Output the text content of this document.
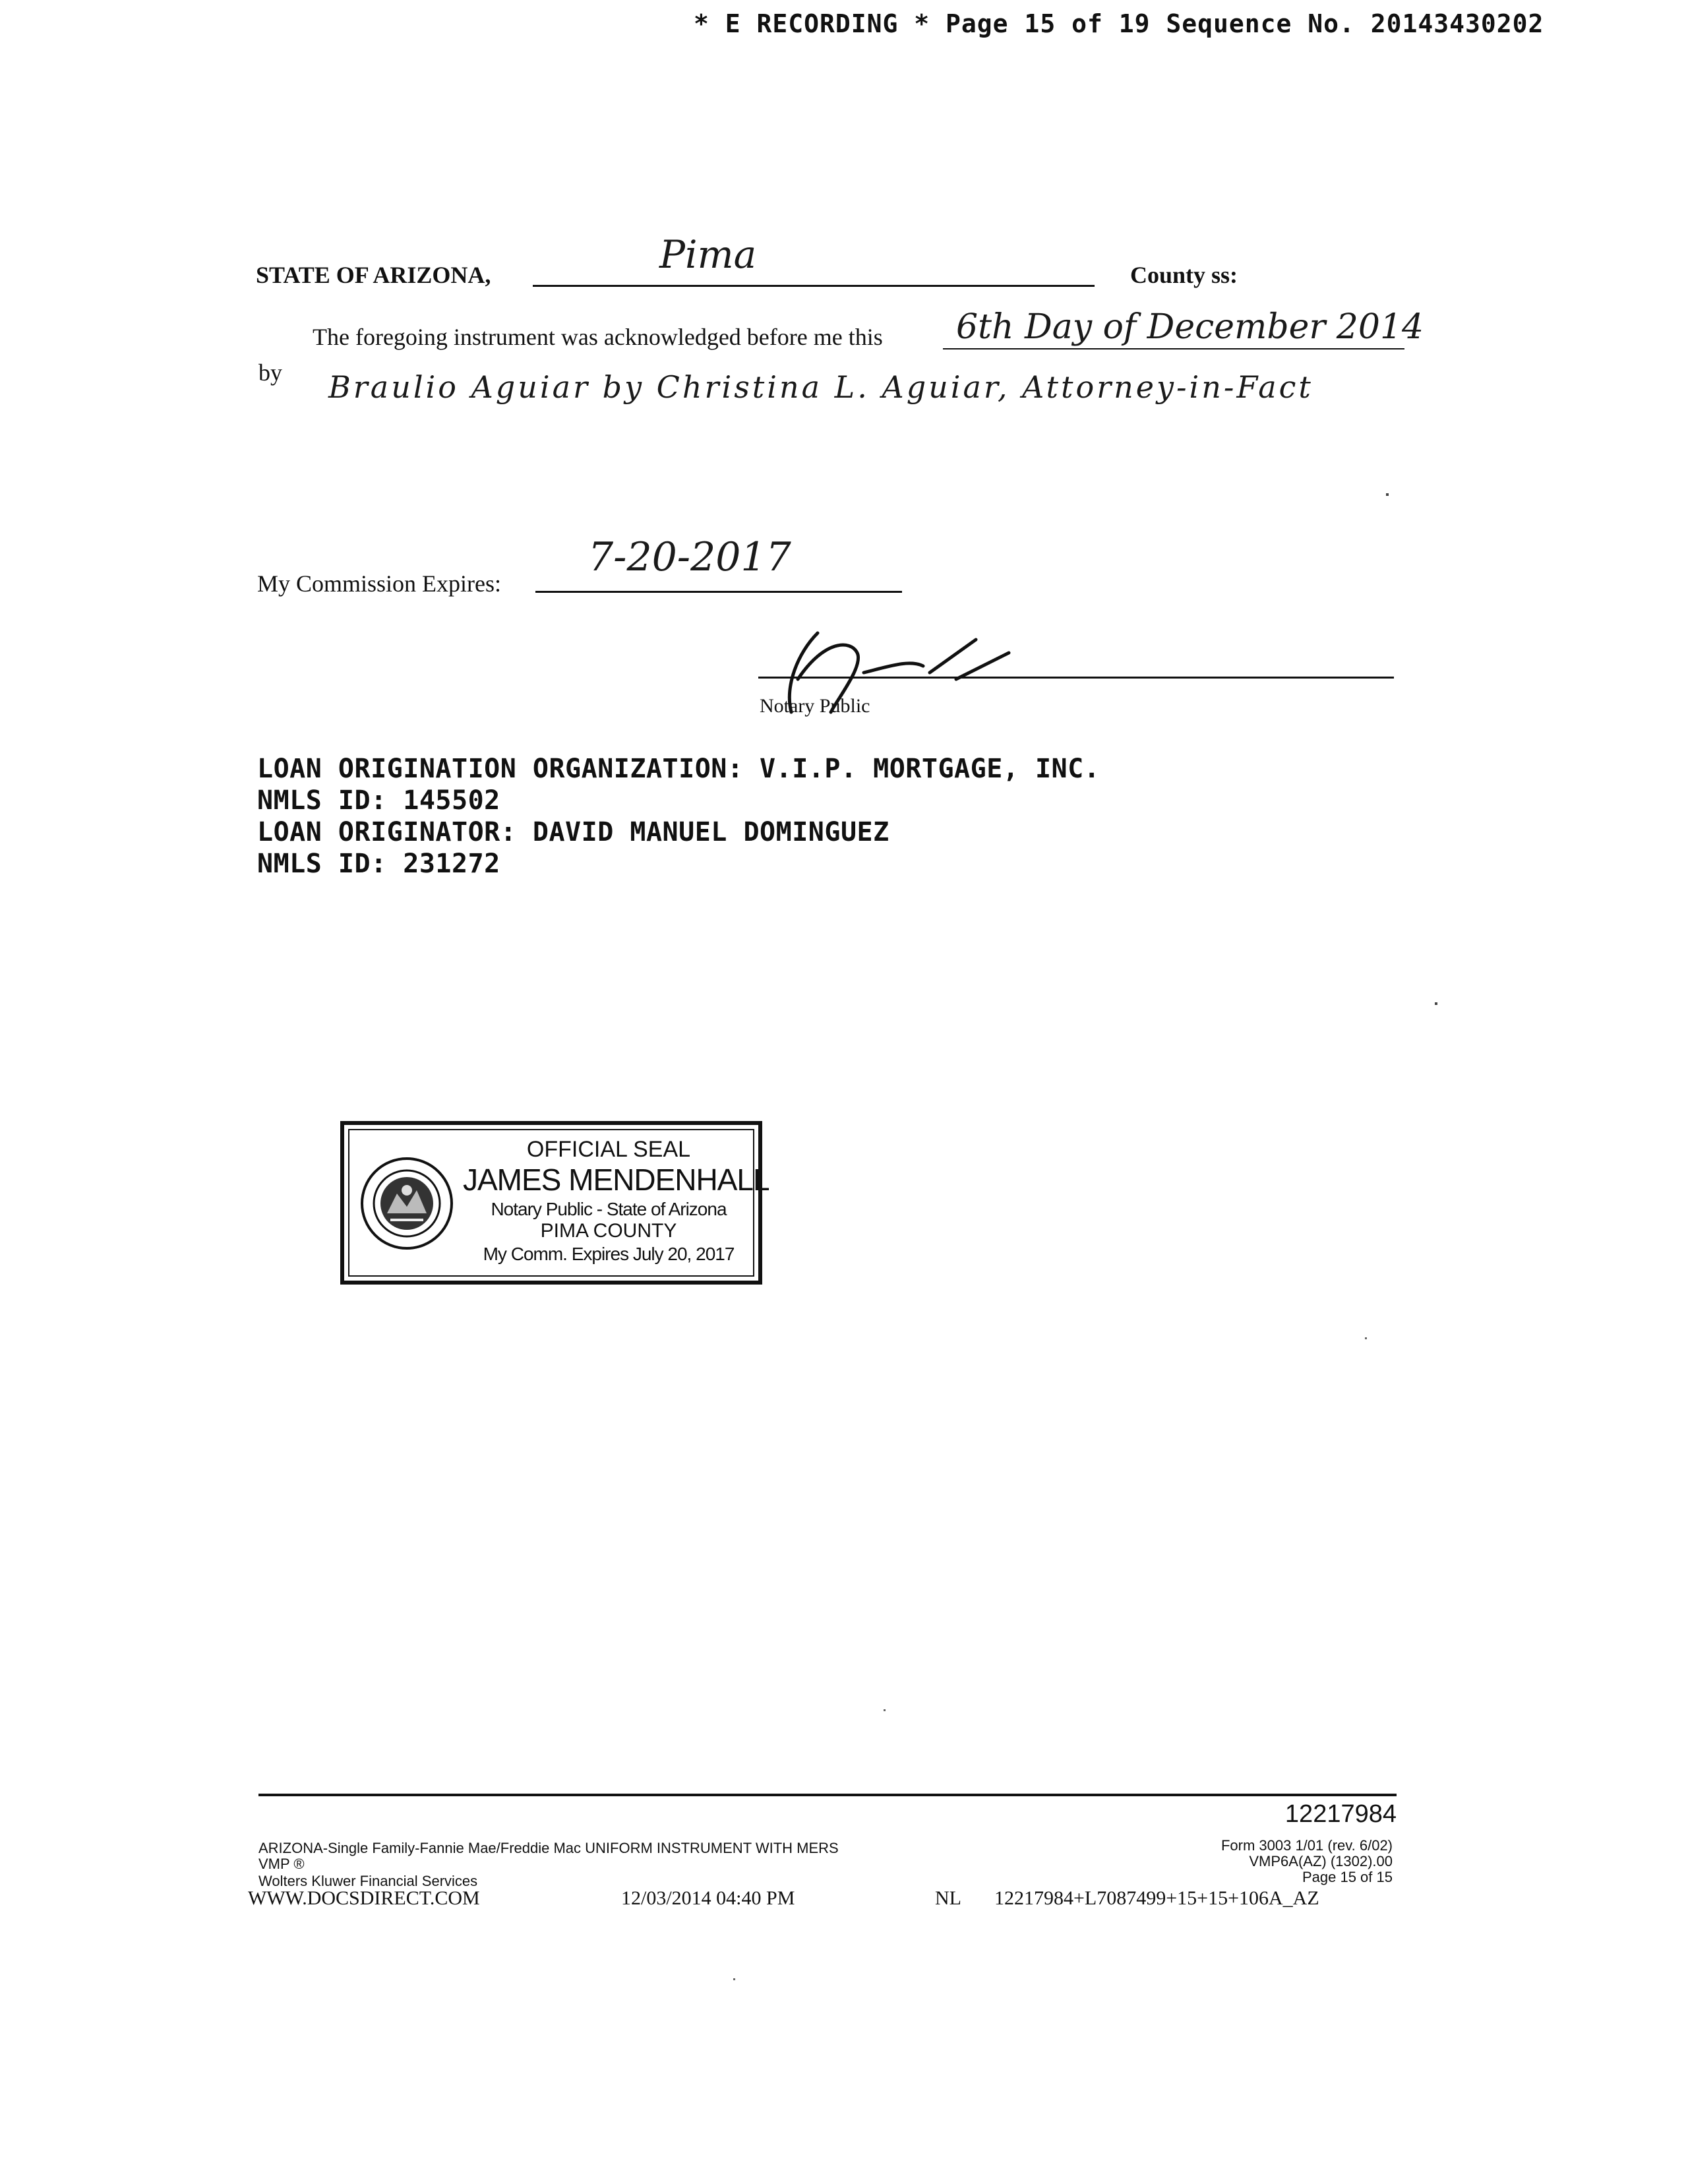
* E RECORDING * Page 15 of 19 Sequence No. 20143430202
STATE OF ARIZONA,	Pima	County ss:
The foregoing instrument was acknowledged before me this 6th Day of December 2014
by Braulio Aguiar by Christina L. Aguiar, Attorney-in-Fact
My Commission Expires:
7-20-2017
Notary Public
LOAN ORIGINATION ORGANIZATION: V.I.P. MORTGAGE, INC.
NMLS ID: 145502
LOAN ORIGINATOR: DAVID MANUEL DOMINGUEZ
NMLS ID: 231272
OFFICIAL SEAL
JAMES MENDENHALL
Notary Public - State of Arizona
PIMA COUNTY
My Comm. Expires July 20, 2017
12217984
ARIZONA-Single Family-Fannie Mae/Freddie Mac UNIFORM INSTRUMENT WITH MERS
VMP ®
Wolters Kluwer Financial Services
Form 3003 1/01 (rev. 6/02)
VMP6A(AZ) (1302).00
Page 15 of 15
WWW.DOCSDIRECT.COM	12/03/2014 04:40 PM	NL 12217984+L7087499+15+15+106A_AZ
